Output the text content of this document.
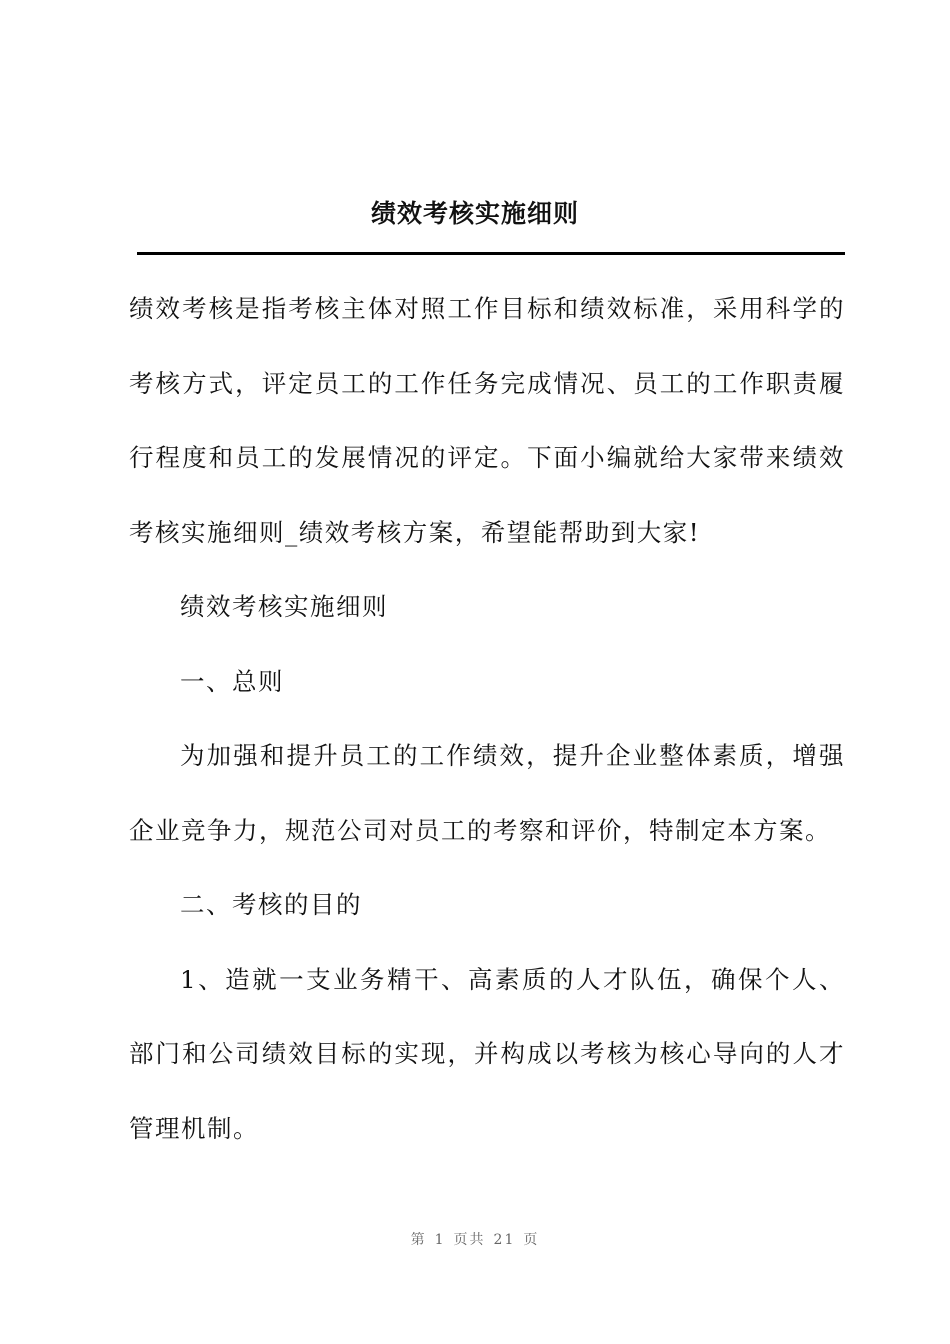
绩效考核实施细则

绩效考核是指考核主体对照工作目标和绩效标准，采用科学的考核方式，评定员工的工作任务完成情况、员工的工作职责履行程度和员工的发展情况的评定。下面小编就给大家带来绩效考核实施细则_绩效考核方案，希望能帮助到大家!

绩效考核实施细则

一、总则

为加强和提升员工的工作绩效，提升企业整体素质，增强企业竞争力，规范公司对员工的考察和评价，特制定本方案。

二、考核的目的

1、造就一支业务精干、高素质的人才队伍，确保个人、部门和公司绩效目标的实现，并构成以考核为核心导向的人才管理机制。

第 1 页共 21 页
